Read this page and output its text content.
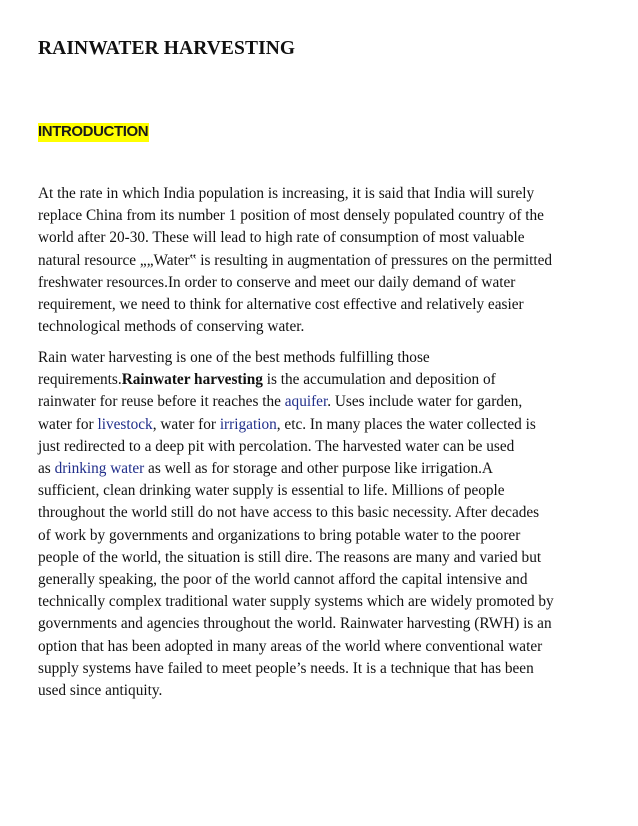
RAINWATER HARVESTING
INTRODUCTION

At the rate in which India population is increasing, it is said that India will surely
replace China from its number 1 position of most densely populated country of the
world after 20-30. These will lead to high rate of consumption of most valuable
natural resource „„Water‟ is resulting in augmentation of pressures on the permitted
freshwater resources.In order to conserve and meet our daily demand of water
requirement, we need to think for alternative cost effective and relatively easier
technological methods of conserving water.

Rain water harvesting is one of the best methods fulfilling those
requirements.Rainwater harvesting is the accumulation and deposition of
rainwater for reuse before it reaches the aquifer. Uses include water for garden,
water for livestock, water for irrigation, etc. In many places the water collected is
just redirected to a deep pit with percolation. The harvested water can be used
as drinking water as well as for storage and other purpose like irrigation.A
sufficient, clean drinking water supply is essential to life. Millions of people
throughout the world still do not have access to this basic necessity. After decades
of work by governments and organizations to bring potable water to the poorer
people of the world, the situation is still dire. The reasons are many and varied but
generally speaking, the poor of the world cannot afford the capital intensive and
technically complex traditional water supply systems which are widely promoted by
governments and agencies throughout the world. Rainwater harvesting (RWH) is an
option that has been adopted in many areas of the world where conventional water
supply systems have failed to meet people’s needs. It is a technique that has been
used since antiquity.
